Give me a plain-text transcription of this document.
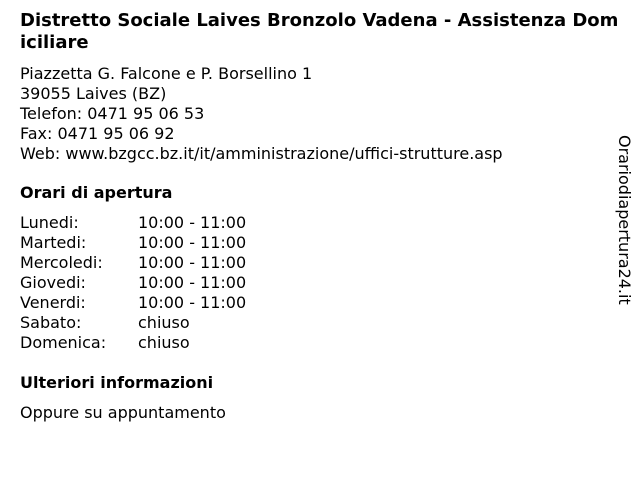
Distretto Sociale Laives Bronzolo Vadena - Assistenza Domiciliare
Piazzetta G. Falcone e P. Borsellino 1
39055 Laives (BZ)
Telefon: 0471 95 06 53
Fax: 0471 95 06 92
Web: www.bzgcc.bz.it/it/amministrazione/uffici-strutture.asp
Orari di apertura
Lunedi:	10:00 - 11:00
Martedi:	10:00 - 11:00
Mercoledi:	10:00 - 11:00
Giovedi:	10:00 - 11:00
Venerdi:	10:00 - 11:00
Sabato:	chiuso
Domenica:	chiuso
Ulteriori informazioni
Oppure su appuntamento
Orariodiapertura24.it
